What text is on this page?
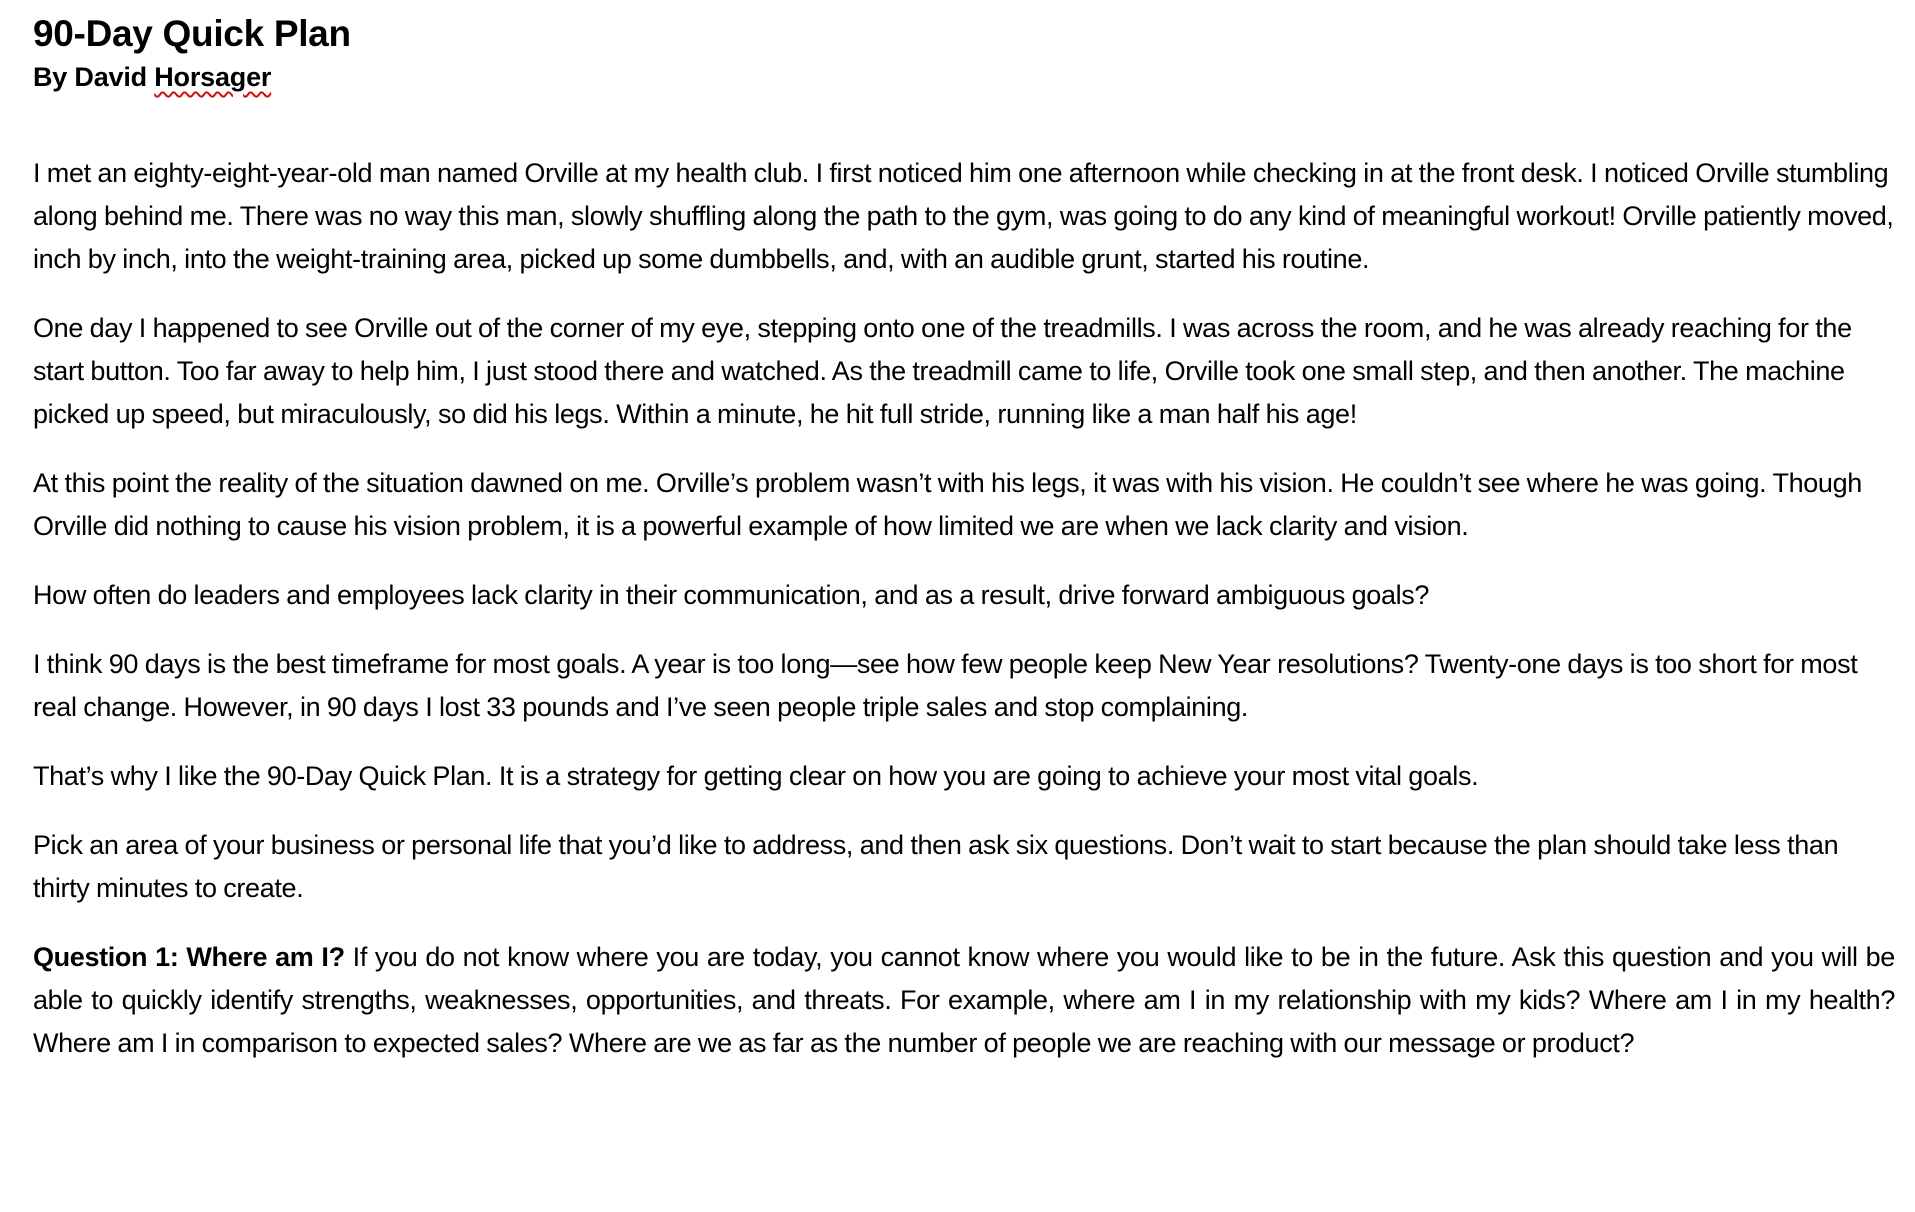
90-Day Quick Plan
By David Horsager

I met an eighty-eight-year-old man named Orville at my health club. I first noticed him one afternoon while checking in at the front desk. I noticed Orville stumbling along behind me. There was no way this man, slowly shuffling along the path to the gym, was going to do any kind of meaningful workout! Orville patiently moved, inch by inch, into the weight-training area, picked up some dumbbells, and, with an audible grunt, started his routine.

One day I happened to see Orville out of the corner of my eye, stepping onto one of the treadmills. I was across the room, and he was already reaching for the start button. Too far away to help him, I just stood there and watched. As the treadmill came to life, Orville took one small step, and then another. The machine picked up speed, but miraculously, so did his legs. Within a minute, he hit full stride, running like a man half his age!

At this point the reality of the situation dawned on me. Orville’s problem wasn’t with his legs, it was with his vision. He couldn’t see where he was going. Though Orville did nothing to cause his vision problem, it is a powerful example of how limited we are when we lack clarity and vision.

How often do leaders and employees lack clarity in their communication, and as a result, drive forward ambiguous goals?

I think 90 days is the best timeframe for most goals. A year is too long—see how few people keep New Year resolutions? Twenty-one days is too short for most real change. However, in 90 days I lost 33 pounds and I’ve seen people triple sales and stop complaining.

That’s why I like the 90-Day Quick Plan. It is a strategy for getting clear on how you are going to achieve your most vital goals.

Pick an area of your business or personal life that you’d like to address, and then ask six questions. Don’t wait to start because the plan should take less than thirty minutes to create.

Question 1: Where am I? If you do not know where you are today, you cannot know where you would like to be in the future. Ask this question and you will be able to quickly identify strengths, weaknesses, opportunities, and threats. For example, where am I in my relationship with my kids? Where am I in my health? Where am I in comparison to expected sales? Where are we as far as the number of people we are reaching with our message or product?
